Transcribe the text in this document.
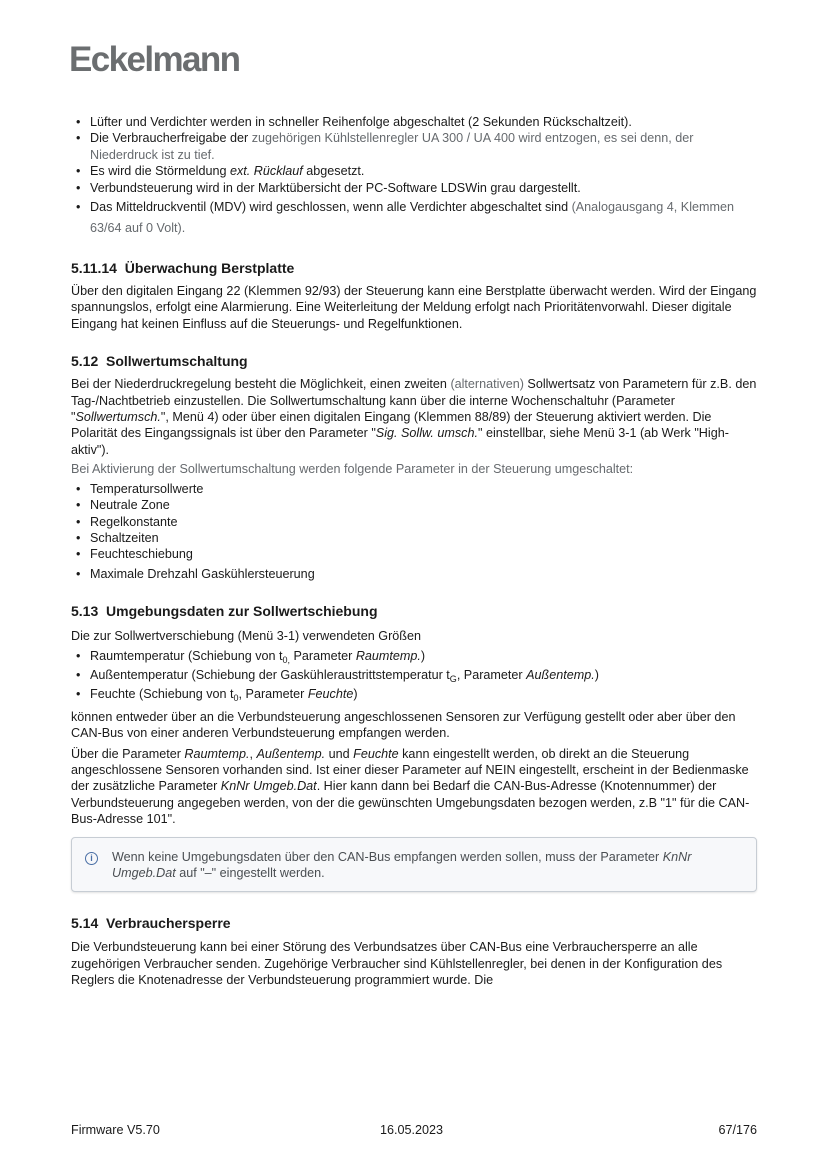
Eckelmann
• Lüfter und Verdichter werden in schneller Reihenfolge abgeschaltet (2 Sekunden Rückschaltzeit).
• Die Verbraucherfreigabe der zugehörigen Kühlstellenregler UA 300 / UA 400 wird entzogen, es sei denn, der Niederdruck ist zu tief.
• Es wird die Störmeldung ext. Rücklauf abgesetzt.
• Verbundsteuerung wird in der Marktübersicht der PC-Software LDSWin grau dargestellt.
• Das Mitteldruckventil (MDV) wird geschlossen, wenn alle Verdichter abgeschaltet sind (Analogausgang 4, Klemmen 63/64 auf 0 Volt).
5.11.14 Überwachung Berstplatte

Über den digitalen Eingang 22 (Klemmen 92/93) der Steuerung kann eine Berstplatte überwacht werden. Wird der Eingang spannungslos, erfolgt eine Alarmierung. Eine Weiterleitung der Meldung erfolgt nach Prioritätenvorwahl. Dieser digitale Eingang hat keinen Einfluss auf die Steuerungs- und Regelfunktionen.

5.12 Sollwertumschaltung

Bei der Niederdruckregelung besteht die Möglichkeit, einen zweiten (alternativen) Sollwertsatz von Parametern für z.B. den Tag-/Nachtbetrieb einzustellen. Die Sollwertumschaltung kann über die interne Wochenschaltuhr (Parameter "Sollwertumsch.", Menü 4) oder über einen digitalen Eingang (Klemmen 88/89) der Steuerung aktiviert werden. Die Polarität des Eingangssignals ist über den Parameter "Sig. Sollw. umsch." einstellbar, siehe Menü 3-1 (ab Werk "High-aktiv").

Bei Aktivierung der Sollwertumschaltung werden folgende Parameter in der Steuerung umgeschaltet:

• Temperatursollwerte
• Neutrale Zone
• Regelkonstante
• Schaltzeiten
• Feuchteschiebung
• Maximale Drehzahl Gaskühlersteuerung
5.13 Umgebungsdaten zur Sollwertschiebung

Die zur Sollwertverschiebung (Menü 3-1) verwendeten Größen

• Raumtemperatur (Schiebung von $t_{0,}$ Parameter Raumtemp.)
• Außentemperatur (Schiebung der Gaskühleraustrittstemperatur $t_G$, Parameter Außentemp.)
• Feuchte (Schiebung von $t_0$, Parameter Feuchte)

können entweder über an die Verbundsteuerung angeschlossenen Sensoren zur Verfügung gestellt oder aber über den CAN-Bus von einer anderen Verbundsteuerung empfangen werden.

Über die Parameter Raumtemp., Außentemp. und Feuchte kann eingestellt werden, ob direkt an die Steuerung angeschlossene Sensoren vorhanden sind. Ist einer dieser Parameter auf NEIN eingestellt, erscheint in der Bedienmaske der zusätzliche Parameter KnNr Umgeb.Dat. Hier kann dann bei Bedarf die CAN-Bus-Adresse (Knotennummer) der Verbundsteuerung angegeben werden, von der die gewünschten Umgebungsdaten bezogen werden, z.B "1" für die CAN-Bus-Adresse 101".

i	Wenn keine Umgebungsdaten über den CAN-Bus empfangen werden sollen, muss der Parameter KnNr Umgeb.Dat auf "–" eingestellt werden.
5.14 Verbrauchersperre

Die Verbundsteuerung kann bei einer Störung des Verbundsatzes über CAN-Bus eine Verbrauchersperre an alle zugehörigen Verbraucher senden. Zugehörige Verbraucher sind Kühlstellenregler, bei denen in der Konfiguration des Reglers die Knotenadresse der Verbundsteuerung programmiert wurde. Die

Firmware V5.70	16.05.2023	67/176
